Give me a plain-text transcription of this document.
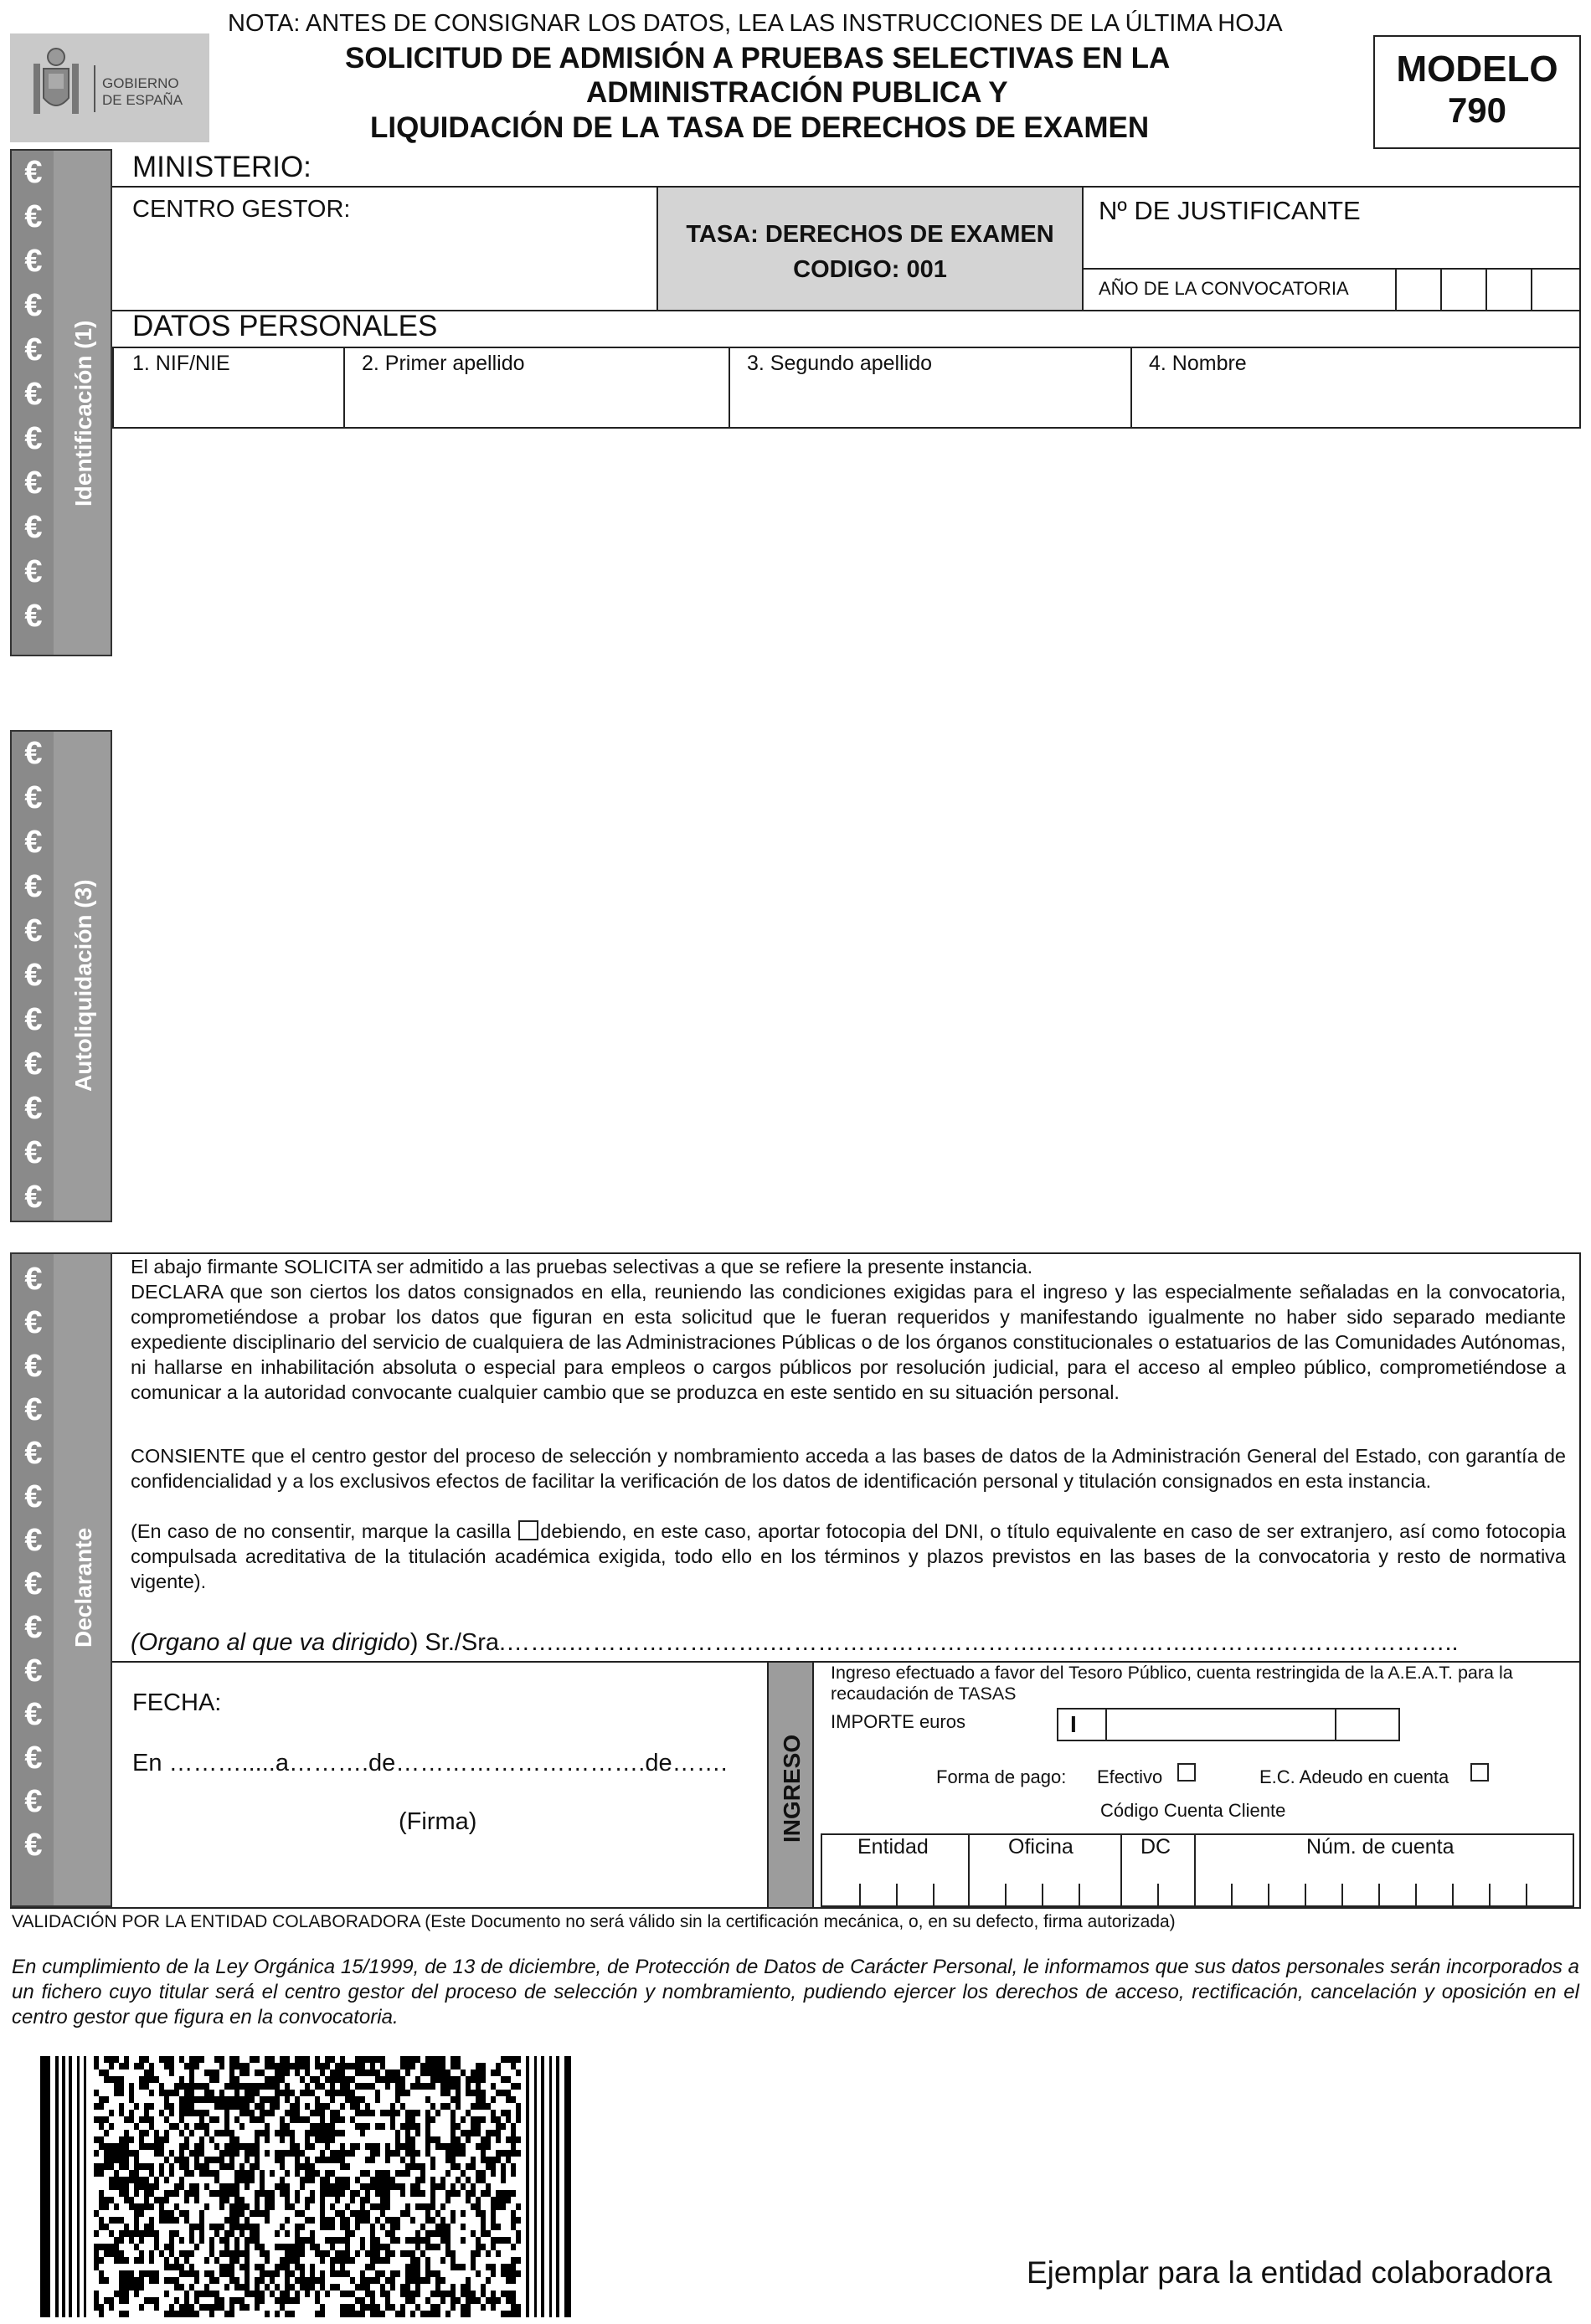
GOBIERNO
DE ESPAÑA
NOTA: ANTES DE CONSIGNAR LOS DATOS, LEA LAS INSTRUCCIONES DE LA ÚLTIMA HOJA
SOLICITUD DE ADMISIÓN A PRUEBAS SELECTIVAS EN LA
ADMINISTRACIÓN PUBLICA Y
LIQUIDACIÓN DE LA TASA DE DERECHOS DE EXAMEN
MODELO
790
€
€
€
€
€
€
€
€
€
€
€
Identificación (1)
MINISTERIO:
TASA: DERECHOS DE EXAMEN
CODIGO: 001
CENTRO GESTOR:	Nº DE JUSTIFICANTE
AÑO DE LA CONVOCATORIA
DATOS PERSONALES
1. NIF/NIE	2. Primer apellido	3. Segundo apellido	4. Nombre
€
€
€
€
€
€
€
€
€
€
€
Autoliquidación (3)
€
€
€
€
€
€
€
€
€
€
€
€
€
€
Declarante
El abajo firmante SOLICITA ser admitido a las pruebas selectivas a que se refiere la presente instancia.
DECLARA que son ciertos los datos consignados en ella, reuniendo las condiciones exigidas para el ingreso y las especialmente señaladas en la convocatoria, comprometiéndose a probar los datos que figuran en esta solicitud que le fueran requeridos y manifestando igualmente no haber sido separado mediante expediente disciplinario del servicio de cualquiera de las Administraciones Públicas o de los órganos constitucionales o estatuarios de las Comunidades Autónomas, ni hallarse en inhabilitación absoluta o especial para empleos o cargos públicos por resolución judicial, para el acceso al empleo público, comprometiéndose a comunicar a la autoridad convocante cualquier cambio que se produzca en este sentido en su situación personal.
CONSIENTE que el centro gestor del proceso de selección y nombramiento acceda a las bases de datos de la Administración General del Estado, con garantía de confidencialidad y a los exclusivos efectos de facilitar la verificación de los datos de identificación personal y titulación consignados en esta instancia.
(En caso de no consentir, marque la casilla debiendo, en este caso, aportar fotocopia del DNI, o título equivalente en caso de ser extranjero, así como fotocopia compulsada acreditativa de la titulación académica exigida, todo ello en los términos y plazos previstos en las bases de la convocatoria y resto de normativa vigente).
(Organo al que va dirigido) Sr./Sra.……..…………………….…………………………….……………….……….…………………..
FECHA:
En ……….....a……….de………………………….de…….
(Firma)	INGRESO
Ingreso efectuado a favor del Tesoro Público, cuenta restringida de la A.E.A.T. para la recaudación de TASAS
IMPORTE euros	I
Forma de pago: Efectivo	E.C. Adeudo en cuenta
Código Cuenta Cliente
Entidad	Oficina	DC	Núm. de cuenta
VALIDACIÓN POR LA ENTIDAD COLABORADORA (Este Documento no será válido sin la certificación mecánica, o, en su defecto, firma autorizada)
En cumplimiento de la Ley Orgánica 15/1999, de 13 de diciembre, de Protección de Datos de Carácter Personal, le informamos que sus datos personales serán incorporados a un fichero cuyo titular será el centro gestor del proceso de selección y nombramiento, pudiendo ejercer los derechos de acceso, rectificación, cancelación y oposición en el centro gestor que figura en la convocatoria.
Ejemplar para la entidad colaboradora
